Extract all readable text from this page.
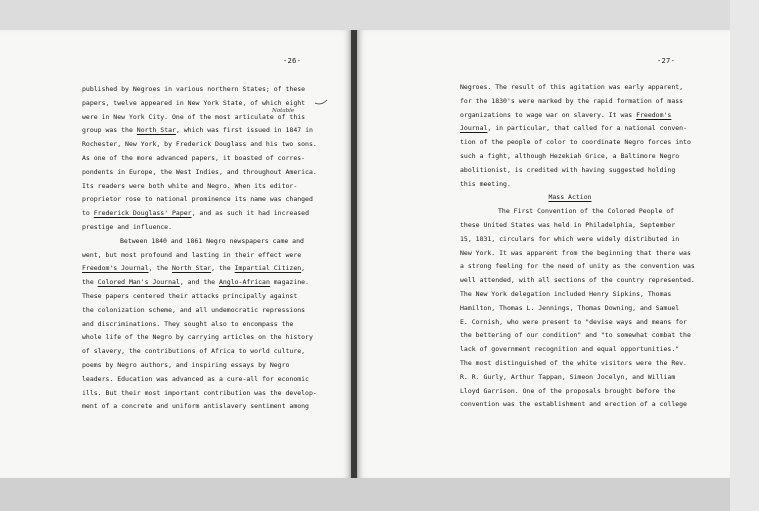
-26-
Notable
published by Negroes in various northern States; of these
papers, twelve appeared in New York State, of which eight
were in New York City. One of the most articulate of this
group was the North Star, which was first issued in 1847 in
Rochester, New York, by Frederick Douglass and his two sons.
As one of the more advanced papers, it boasted of corres-
pondents in Europe, the West Indies, and throughout America.
Its readers were both white and Negro. When its editor-
proprietor rose to national prominence its name was changed
to Frederick Douglass' Paper, and as such it had increased
prestige and influence.
Between 1840 and 1861 Negro newspapers came and
went, but most profound and lasting in their effect were
Freedom's Journal, the North Star, the Impartial Citizen,
the Colored Man's Journal, and the Anglo-African magazine.
These papers centered their attacks principally against
the colonization scheme, and all undemocratic repressions
and discriminations. They sought also to encompass the
whole life of the Negro by carrying articles on the history
of slavery, the contributions of Africa to world culture,
poems by Negro authors, and inspiring essays by Negro
leaders. Education was advanced as a cure-all for economic
ills. But their most important contribution was the develop-
ment of a concrete and uniform antislavery sentiment among
-27-
Negroes. The result of this agitation was early apparent,
for the 1830's were marked by the rapid formation of mass
organizations to wage war on slavery. It was Freedom's
Journal, in particular, that called for a national conven-
tion of the people of color to coordinate Negro forces into
such a fight, although Hezekiah Grice, a Baltimore Negro
abolitionist, is credited with having suggested holding
this meeting.
Mass Action
The First Convention of the Colored People of
these United States was held in Philadelphia, September
15, 1831, circulars for which were widely distributed in
New York. It was apparent from the beginning that there was
a strong feeling for the need of unity as the convention was
well attended, with all sections of the country represented.
The New York delegation included Henry Sipkins, Thomas
Hamilton, Thomas L. Jennings, Thomas Downing, and Samuel
E. Cornish, who were present to "devise ways and means for
the bettering of our condition" and "to somewhat combat the
lack of government recognition and equal opportunities."
The most distinguished of the white visitors were the Rev.
R. R. Gurly, Arthur Tappan, Simeon Jocelyn, and William
Lloyd Garrison. One of the proposals brought before the
convention was the establishment and erection of a college
